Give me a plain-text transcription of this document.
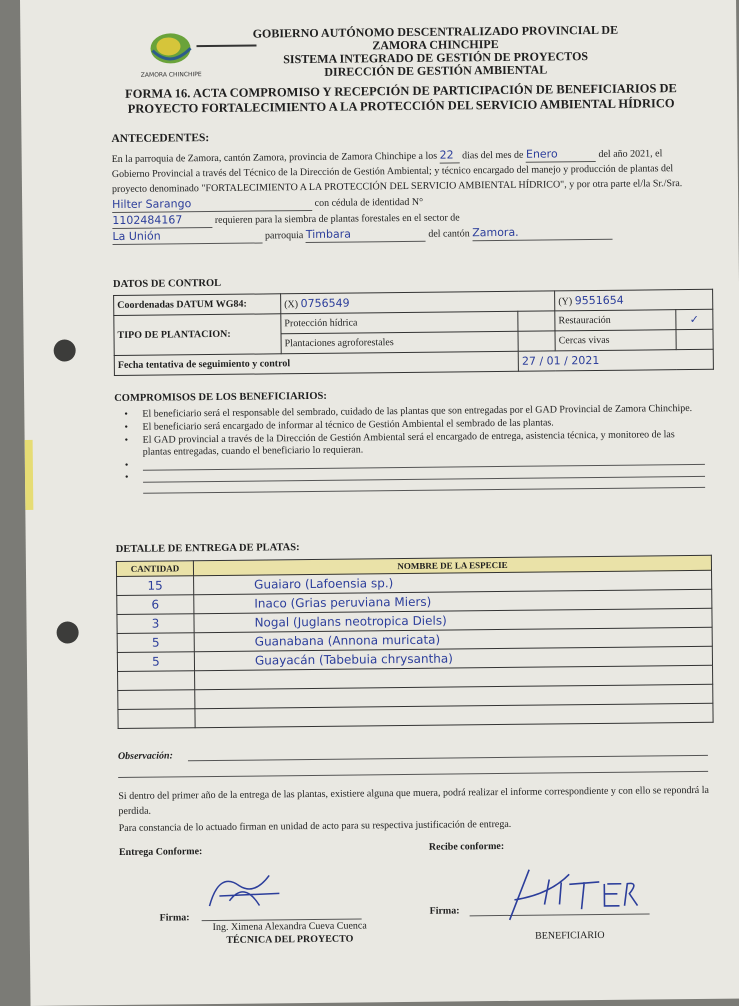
ZAMORA CHINCHIPE
GOBIERNO AUTÓNOMO DESCENTRALIZADO PROVINCIAL DE
ZAMORA CHINCHIPE
SISTEMA INTEGRADO DE GESTIÓN DE PROYECTOS
DIRECCIÓN DE GESTIÓN AMBIENTAL
FORMA 16. ACTA COMPROMISO Y RECEPCIÓN DE PARTICIPACIÓN DE BENEFICIARIOS DE PROYECTO FORTALECIMIENTO A LA PROTECCIÓN DEL SERVICIO AMBIENTAL HÍDRICO
ANTECEDENTES:
En la parroquia de Zamora, cantón Zamora, provincia de Zamora Chinchipe a los 22 dias del mes de Enero	del año 2021, el Gobierno Provincial a través del Técnico de la Dirección de Gestión Ambiental; y técnico encargado del manejo y producción de plantas del proyecto denominado "FORTALECIMIENTO A LA PROTECCIÓN DEL SERVICIO AMBIENTAL HÍDRICO", y por otra parte el/la Sr./Sra. Hilter Sarango	con cédula de identidad N°
1102484167	requieren para la siembra de plantas forestales en el sector de
La Unión	parroquia Timbara	del cantón Zamora.
DATOS DE CONTROL
Coordenadas DATUM WG84:	(X) 0756549		(Y) 9551654	
TIPO DE PLANTACION:	Protección hídrica		Restauración	✓
	Plantaciones agroforestales		Cercas vivas	
Fecha tentativa de seguimiento y control		27 / 01 / 2021		
COMPROMISOS DE LOS BENEFICIARIOS:
• El beneficiario será el responsable del sembrado, cuidado de las plantas que son entregadas por el GAD Provincial de Zamora Chinchipe.
• El beneficiario será encargado de informar al técnico de Gestión Ambiental el sembrado de las plantas.
• El GAD provincial a través de la Dirección de Gestión Ambiental será el encargado de entrega, asistencia técnica, y monitoreo de las plantas entregadas, cuando el beneficiario lo requieran.
•
•
DETALLE DE ENTREGA DE PLATAS:
CANTIDAD	NOMBRE DE LA ESPECIE
15	Guaiaro (Lafoensia sp.)
6	Inaco (Grias peruviana Miers)
3	Nogal (Juglans neotropica Diels)
5	Guanabana (Annona muricata)
5	Guayacán (Tabebuia chrysantha)

Observación:
Si dentro del primer año de la entrega de las plantas, existiere alguna que muera, podrá realizar el informe correspondiente y con ello se repondrá la perdida.
Para constancia de lo actuado firman en unidad de acto para su respectiva justificación de entrega.
Entrega Conforme:	Recibe conforme:
Firma:
Ing. Ximena Alexandra Cueva Cuenca
TÉCNICA DEL PROYECTO
Firma:
BENEFICIARIO
